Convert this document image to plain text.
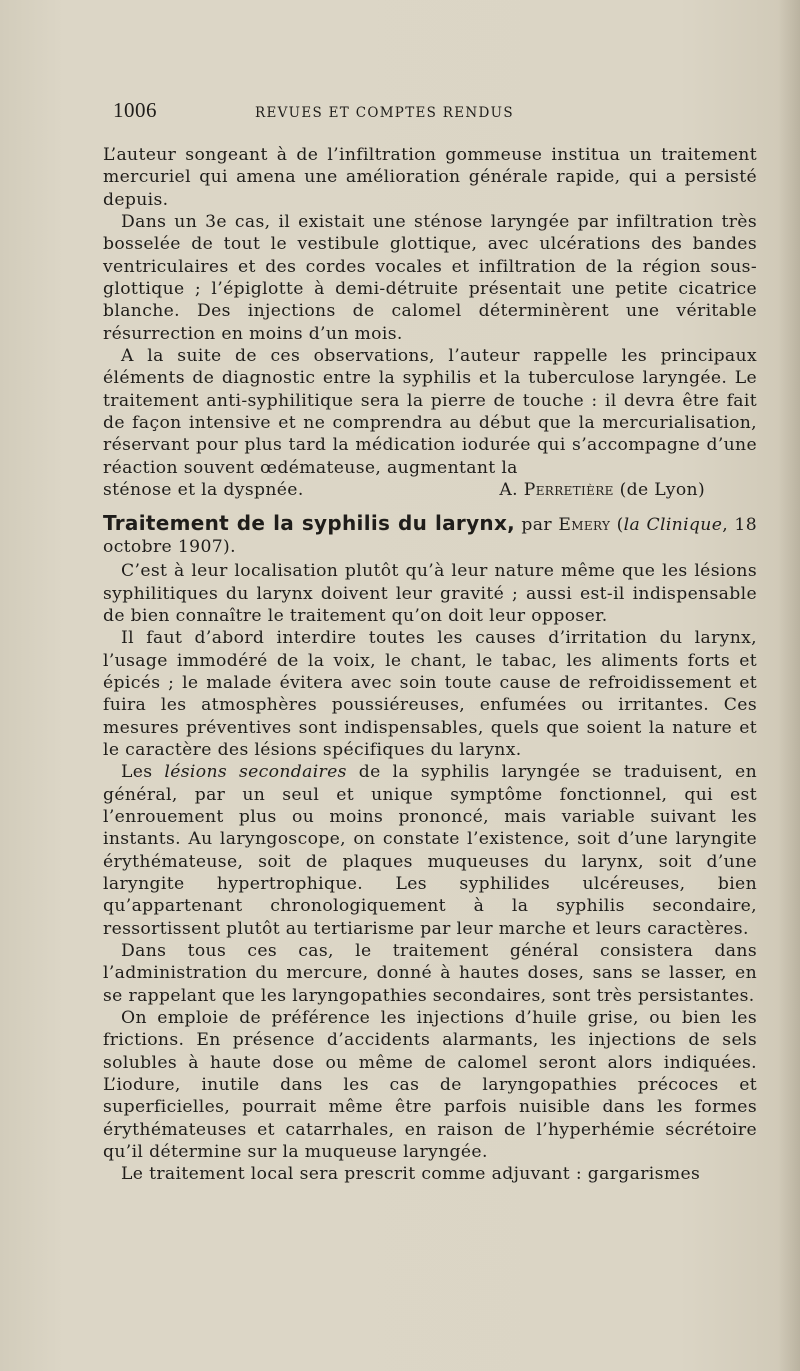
1006	REVUES ET COMPTES RENDUS

L’auteur songeant à de l’infiltration gommeuse institua un traitement mercuriel qui amena une amélioration générale rapide, qui a persisté depuis.

Dans un 3e cas, il existait une sténose laryngée par infiltration très bosselée de tout le vestibule glottique, avec ulcérations des bandes ventriculaires et des cordes vocales et infiltration de la région sous-glottique ; l’épiglotte à demi-détruite présentait une petite cicatrice blanche. Des injections de calomel déterminèrent une véritable résurrection en moins d’un mois.

A la suite de ces observations, l’auteur rappelle les principaux éléments de diagnostic entre la syphilis et la tuberculose laryngée. Le traitement anti-syphilitique sera la pierre de touche : il devra être fait de façon intensive et ne comprendra au début que la mercurialisation, réservant pour plus tard la médication iodurée qui s’accompagne d’une réaction souvent œdémateuse, augmentant la

sténose et la dyspnée.	A. Perretière (de Lyon)
Traitement de la syphilis du larynx, par Emery (la Clinique, 18 octobre 1907).

C’est à leur localisation plutôt qu’à leur nature même que les lésions syphilitiques du larynx doivent leur gravité ; aussi est-il indispensable de bien connaître le traitement qu’on doit leur opposer.

Il faut d’abord interdire toutes les causes d’irritation du larynx, l’usage immodéré de la voix, le chant, le tabac, les aliments forts et épicés ; le malade évitera avec soin toute cause de refroidissement et fuira les atmosphères poussiéreuses, enfumées ou irritantes. Ces mesures préventives sont indispensables, quels que soient la nature et le caractère des lésions spécifiques du larynx.

Les lésions secondaires de la syphilis laryngée se traduisent, en général, par un seul et unique symptôme fonctionnel, qui est l’enrouement plus ou moins prononcé, mais variable suivant les instants. Au laryngoscope, on constate l’existence, soit d’une laryngite érythémateuse, soit de plaques muqueuses du larynx, soit d’une laryngite hypertrophique. Les syphilides ulcéreuses, bien qu’appartenant chronologiquement à la syphilis secondaire, ressortissent plutôt au tertiarisme par leur marche et leurs caractères.

Dans tous ces cas, le traitement général consistera dans l’administration du mercure, donné à hautes doses, sans se lasser, en se rappelant que les laryngopathies secondaires, sont très persistantes.

On emploie de préférence les injections d’huile grise, ou bien les frictions. En présence d’accidents alarmants, les injections de sels solubles à haute dose ou même de calomel seront alors indiquées. L’iodure, inutile dans les cas de laryngopathies précoces et superficielles, pourrait même être parfois nuisible dans les formes érythémateuses et catarrhales, en raison de l’hyperhémie sécrétoire qu’il détermine sur la muqueuse laryngée.

Le traitement local sera prescrit comme adjuvant : gargarismes
